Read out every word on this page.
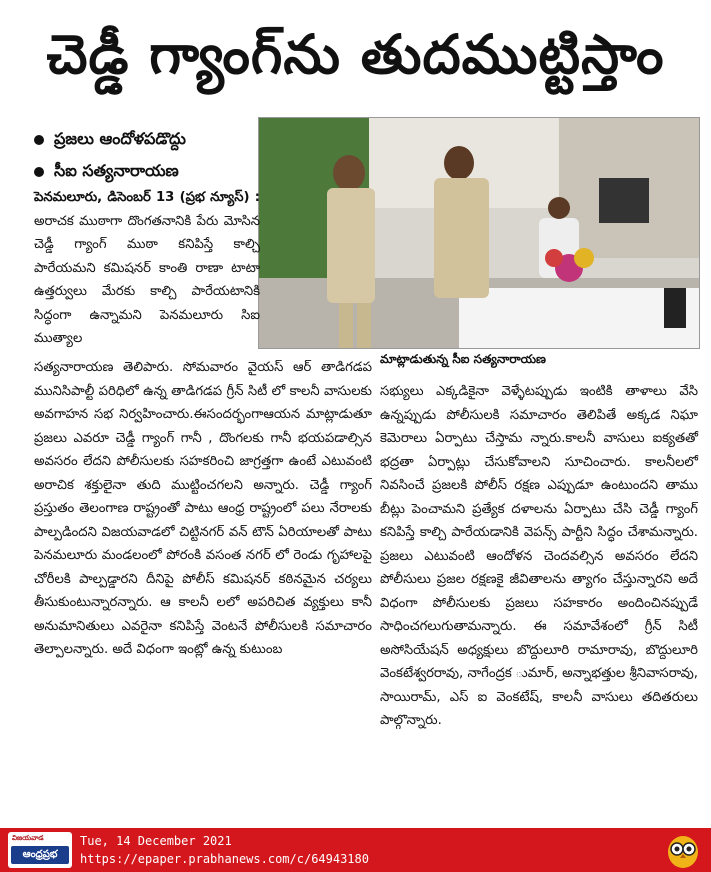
చెడ్డీ గ్యాంగ్‌ను తుదముట్టిస్తాం
ప్రజలు ఆందోళపడొద్దు
సీఐ సత్యనారాయణ
మాట్లాడుతున్న సీఐ సత్యనారాయణ

పెనమలూరు, డిసెంబర్ 13 (ప్రభ న్యూస్) : అరాచక ముఠాగా దొంగతనానికి పేరు మోసిన చెడ్డీ గ్యాంగ్ ముఠా కనిపిస్తే కాల్చి పారేయమని కమిషనర్ కాంతి రాణా టాటా ఉత్తర్వులు మేరకు కాల్చి పారేయటానికి సిద్ధంగా ఉన్నామని పెనమలూరు సిఐ ముత్యాల

సత్యనారాయణ తెలిపారు. సోమవారం వైయస్ ఆర్ తాడిగడప మునిసిపాల్టీ పరిధిలో ఉన్న తాడిగడప గ్రీన్ సిటీ లో కాలనీ వాసులకు అవగాహన సభ నిర్వహించారు.ఈసందర్భంగాఆయన మాట్లాడుతూ ప్రజలు ఎవరూ చెడ్డీ గ్యాంగ్ గానీ , దొంగలకు గానీ భయపడాల్సిన అవసరం లేదని పోలీసులకు సహకరించి జాగ్రత్తగా ఉంటే ఎటువంటి అరాచిక శక్తులైనా తుది ముట్టించగలని అన్నారు. చెడ్డీ గ్యాంగ్ ప్రస్తుతం తెలంగాణ రాష్ట్రంతో పాటు ఆంధ్ర రాష్ట్రంలో పలు నేరాలకు పాల్పడిందని విజయవాడలో చిట్టినగర్ వన్ టౌన్ ఏరియాలతో పాటు పెనమలూరు మండలంలో పోరంకి వసంత నగర్ లో రెండు గృహాలపై చోరీలకి పాల్పడ్డారని దీనిపై పోలీస్ కమిషనర్ కఠినమైన చర్యలు తీసుకుంటున్నారన్నారు. ఆ కాలనీ లలో అపరిచిత వ్యక్తులు కానీ అనుమానితులు ఎవరైనా కనిపిస్తే వెంటనే పోలీసులకి సమాచారం తెల్పాలన్నారు. అదే విధంగా ఇంట్లో ఉన్న కుటుంబ

సభ్యులు ఎక్కడికైనా వెళ్ళేటప్పుడు ఇంటికి తాళాలు వేసి ఉన్నప్పుడు పోలీసులకి సమాచారం తెలిపితే అక్కడ నిఘా కెమెరాలు ఏర్పాటు చేస్తామ న్నారు.కాలనీ వాసులు ఐక్యతతో భద్రతా ఏర్పాట్లు చేసుకోవాలని సూచించారు. కాలనీలలో నివసించే ప్రజలకి పోలీస్ రక్షణ ఎప్పుడూ ఉంటుందని తాము బీట్లు పెంచామని ప్రత్యేక దళాలను ఏర్పాటు చేసి చెడ్డీ గ్యాంగ్ కనిపిస్తే కాల్చి పారేయడానికి వెపన్స్ పార్టీని సిద్ధం చేశామన్నారు. ప్రజలు ఎటువంటి ఆందోళన చెందవల్సిన అవసరం లేదని పోలీసులు ప్రజల రక్షణకై జీవితాలను త్యాగం చేస్తున్నారని అదే విధంగా పోలీసులకు ప్రజలు సహకారం అందించినప్పుడే సాధించగలుగుతామన్నారు. ఈ సమావేశంలో గ్రీన్ సిటీ అసోసియేషన్ అధ్యక్షులు బొద్దులూరి రామారావు, బొద్దులూరి వెంకటేశ్వరరావు, నాగేంద్రక ుమార్, అన్నాభత్తుల శ్రీనివాసరావు, సాయిరామ్, ఎస్ ఐ వెంకటేష్, కాలనీ వాసులు తదితరులు పాల్గొన్నారు.

విజయవాడ
ఆంధ్రప్రభ
Tue, 14 December 2021
https://epaper.prabhanews.com/c/64943180
